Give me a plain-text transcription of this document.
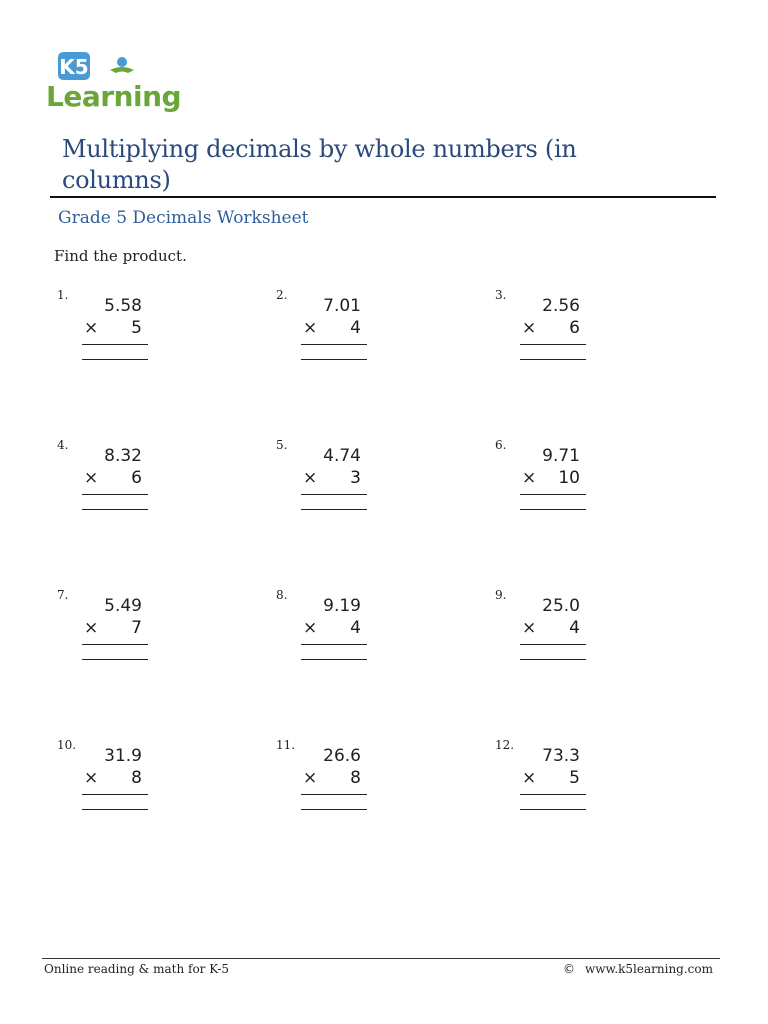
K5
Learning
Multiplying decimals by whole numbers (in columns)
Grade 5 Decimals Worksheet
Find the product.
1.
5.58
× 5
2.
7.01
× 4
3.
2.56
× 6
4.
8.32
× 6
5.
4.74
× 3
6.
9.71
× 10
7.
5.49
× 7
8.
9.19
× 4
9.
25.0
× 4
10.
31.9
× 8
11.
26.6
× 8
12.
73.3
× 5
Online reading & math for K-5	© www.k5learning.com
